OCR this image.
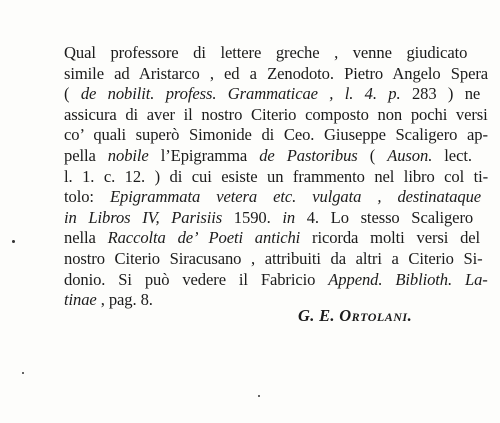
Qual professore di lettere greche , venne giudicato
simile ad Aristarco , ed a Zenodoto. Pietro Angelo Spera
( de nobilit. profess. Grammaticae , l. 4. p. 283 ) ne
assicura di aver il nostro Citerio composto non pochi versi
co’ quali superò Simonide di Ceo. Giuseppe Scaligero ap-
pella nobile l’Epigramma de Pastoribus ( Auson. lect.
l. 1. c. 12. ) di cui esiste un frammento nel libro col ti-
tolo: Epigrammata vetera etc. vulgata , destinataque
in Libros IV, Parisiis 1590. in 4. Lo stesso Scaligero
nella Raccolta de’ Poeti antichi ricorda molti versi del
nostro Citerio Siracusano , attribuiti da altri a Citerio Si-
donio. Si può vedere il Fabricio Append. Biblioth. La-
tinae , pag. 8.
G. E. Ortolani.
